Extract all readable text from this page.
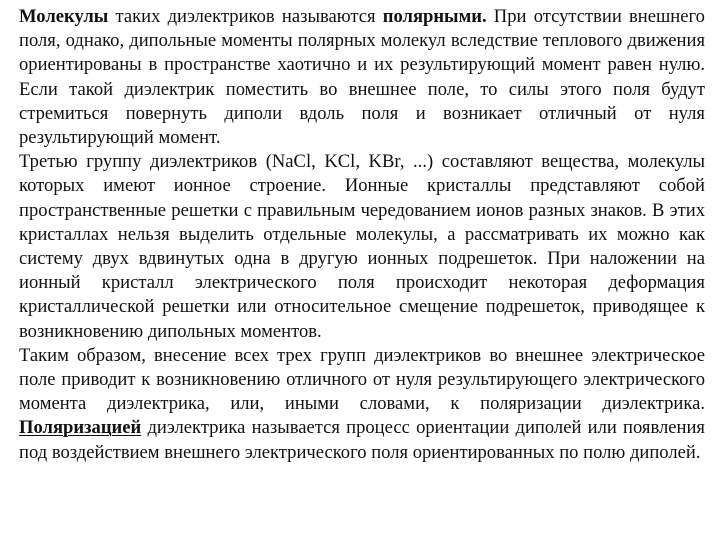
Молекулы таких диэлектриков называются полярными. При отсутствии внешнего поля, однако, дипольные моменты полярных молекул вследствие теплового движения ориентированы в пространстве хаотично и их результирующий момент равен нулю. Если такой диэлектрик поместить во внешнее поле, то силы этого поля будут стремиться повернуть диполи вдоль поля и возникает отличный от нуля результирующий момент.

Третью группу диэлектриков (NaCl, KCl, KBr, ...) составляют вещества, молекулы которых имеют ионное строение. Ионные кристаллы представляют собой пространственные решетки с правильным чередованием ионов разных знаков. В этих кристаллах нельзя выделить отдельные молекулы, а рассматривать их можно как систему двух вдвинутых одна в другую ионных подрешеток. При наложении на ионный кристалл электрического поля происходит некоторая деформация кристаллической решетки или относительное смещение подрешеток, приводящее к возникновению дипольных моментов.

Таким образом, внесение всех трех групп диэлектриков во внешнее электрическое поле приводит к возникновению отличного от нуля результирующего электрического момента диэлектрика, или, иными словами, к поляризации диэлектрика. Поляризацией диэлектрика называется процесс ориентации диполей или появления под воздействием внешнего электрического поля ориентированных по полю диполей.
